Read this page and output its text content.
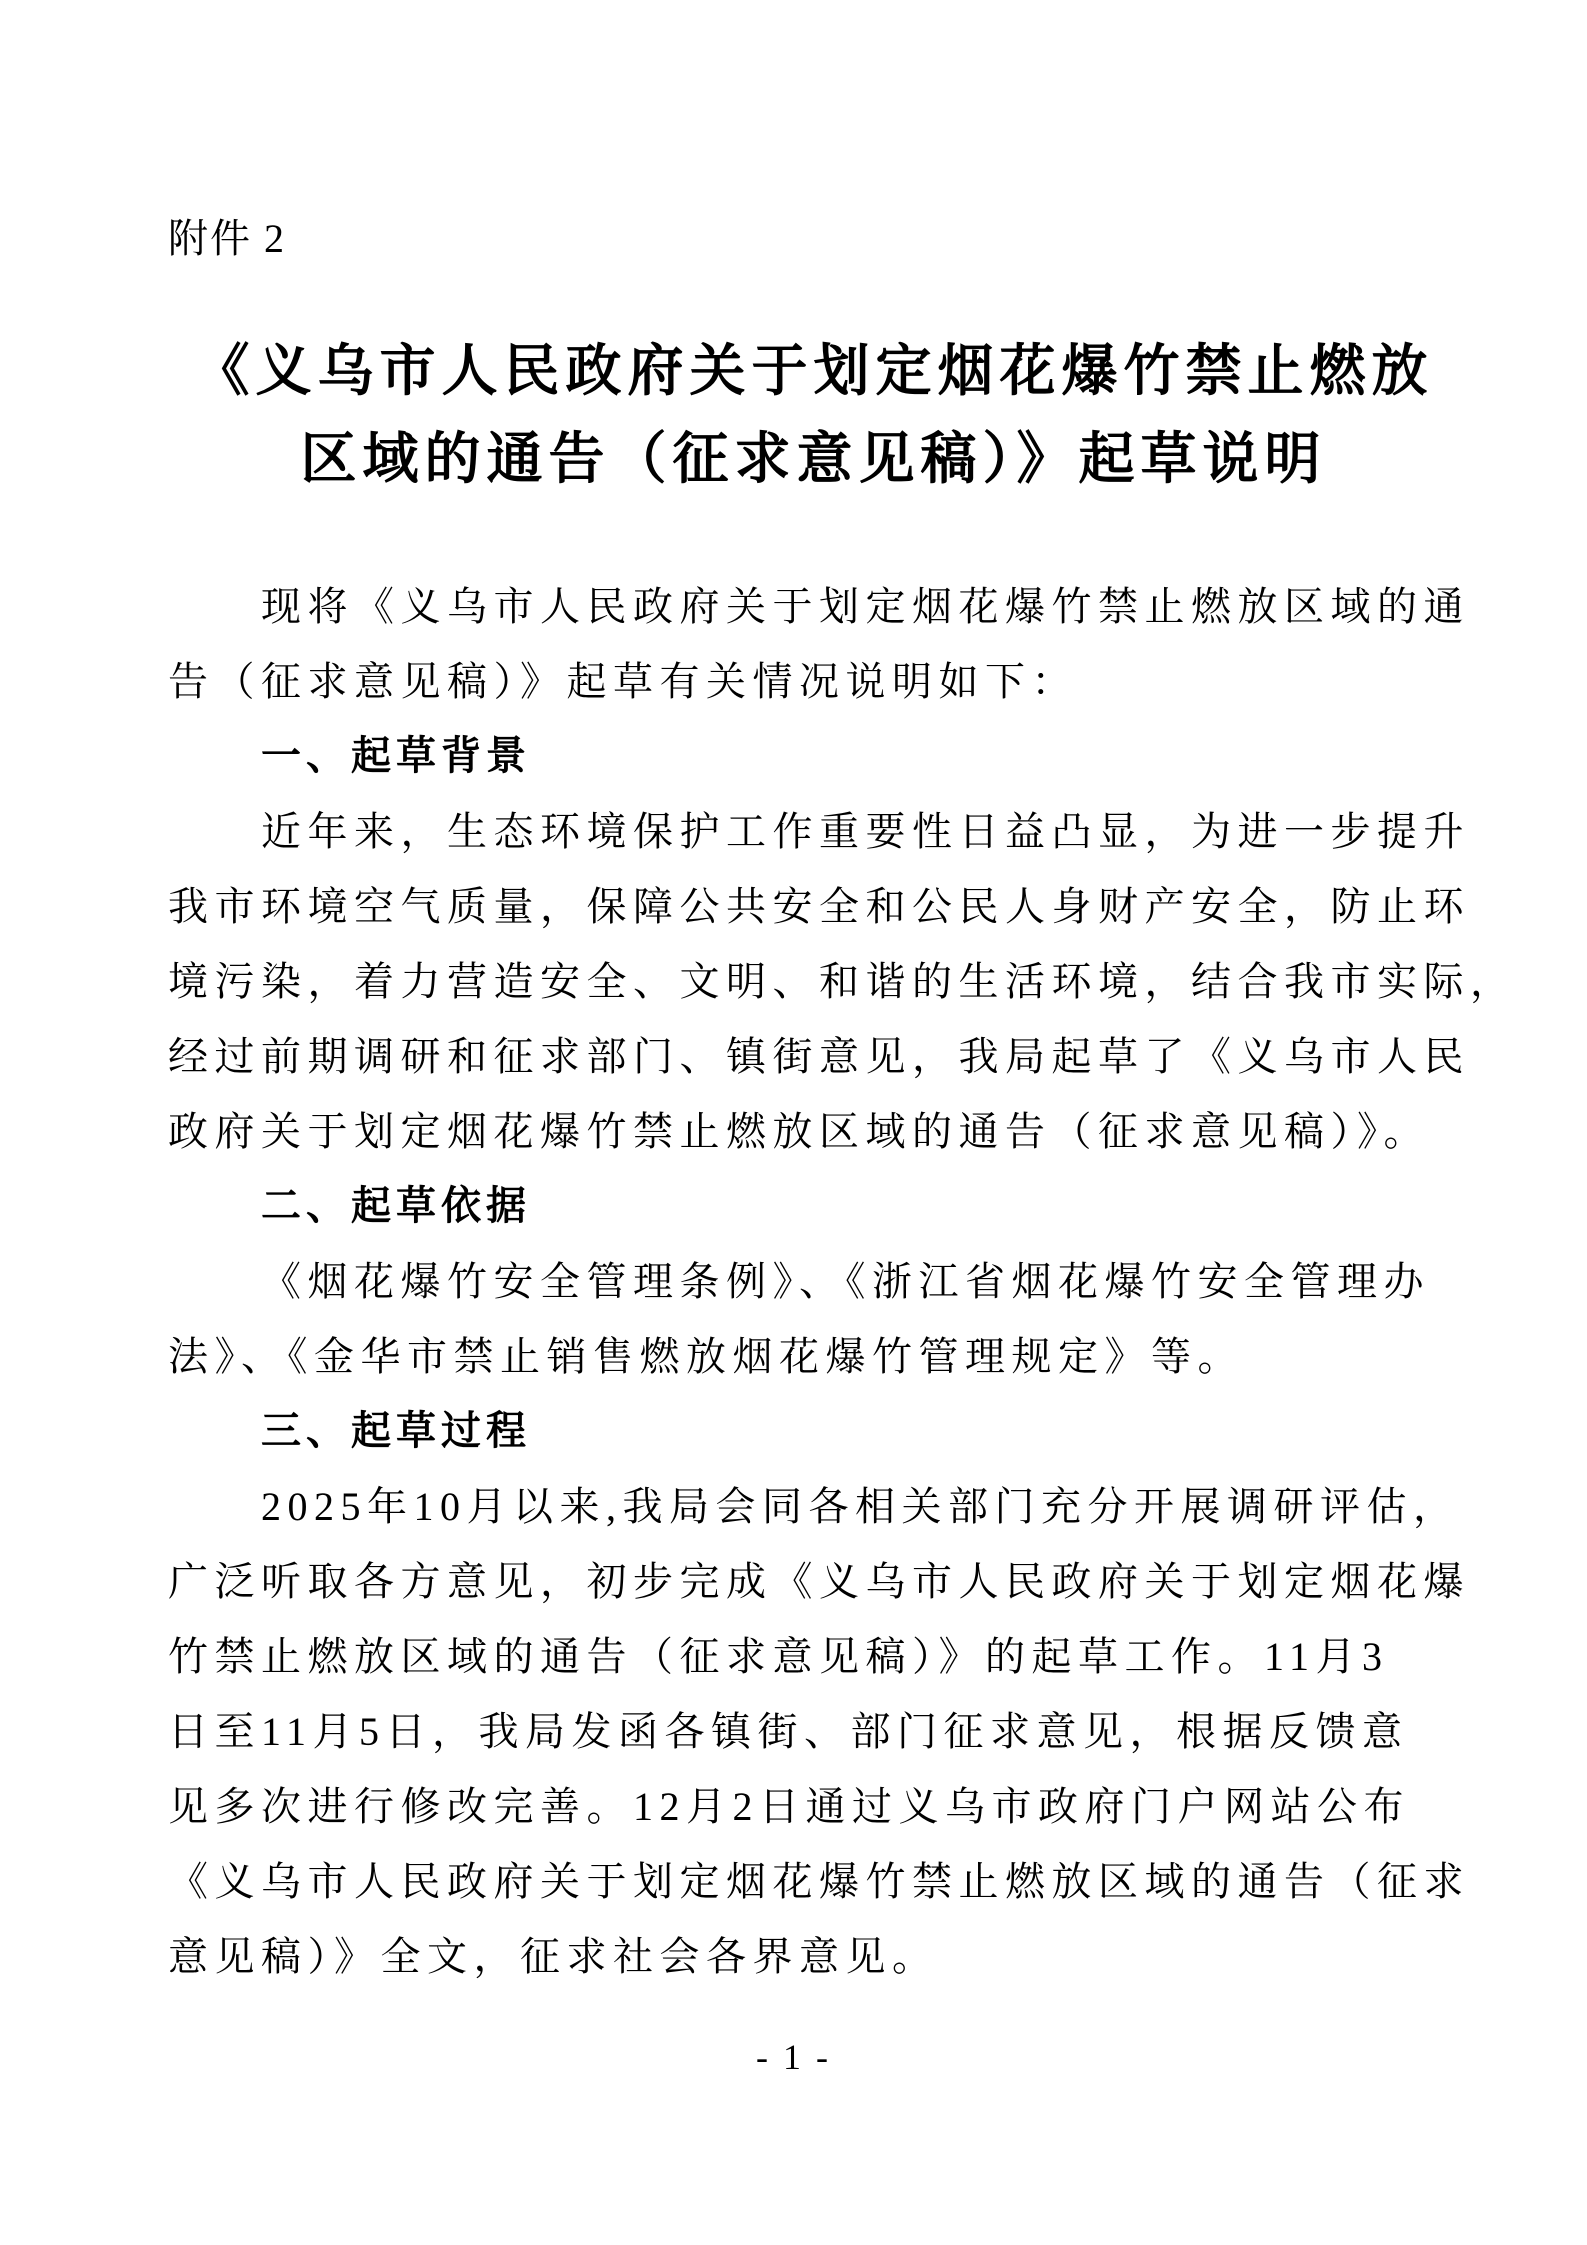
附件 2
《义乌市人民政府关于划定烟花爆竹禁止燃放
区域的通告（征求意见稿）》起草说明
现将《义乌市人民政府关于划定烟花爆竹禁止燃放区域的通
告（征求意见稿）》起草有关情况说明如下：
一、起草背景
近年来，生态环境保护工作重要性日益凸显，为进一步提升
我市环境空气质量，保障公共安全和公民人身财产安全，防止环
境污染，着力营造安全、文明、和谐的生活环境，结合我市实际，
经过前期调研和征求部门、镇街意见，我局起草了《义乌市人民
政府关于划定烟花爆竹禁止燃放区域的通告（征求意见稿）》。
二、起草依据
《烟花爆竹安全管理条例》、《浙江省烟花爆竹安全管理办
法》、《金华市禁止销售燃放烟花爆竹管理规定》等。
三、起草过程
2025年10月以来,我局会同各相关部门充分开展调研评估，
广泛听取各方意见，初步完成《义乌市人民政府关于划定烟花爆
竹禁止燃放区域的通告（征求意见稿）》的起草工作。11月3
日至11月5日，我局发函各镇街、部门征求意见，根据反馈意
见多次进行修改完善。12月2日通过义乌市政府门户网站公布
《义乌市人民政府关于划定烟花爆竹禁止燃放区域的通告（征求
意见稿）》全文，征求社会各界意见。
- 1 -
